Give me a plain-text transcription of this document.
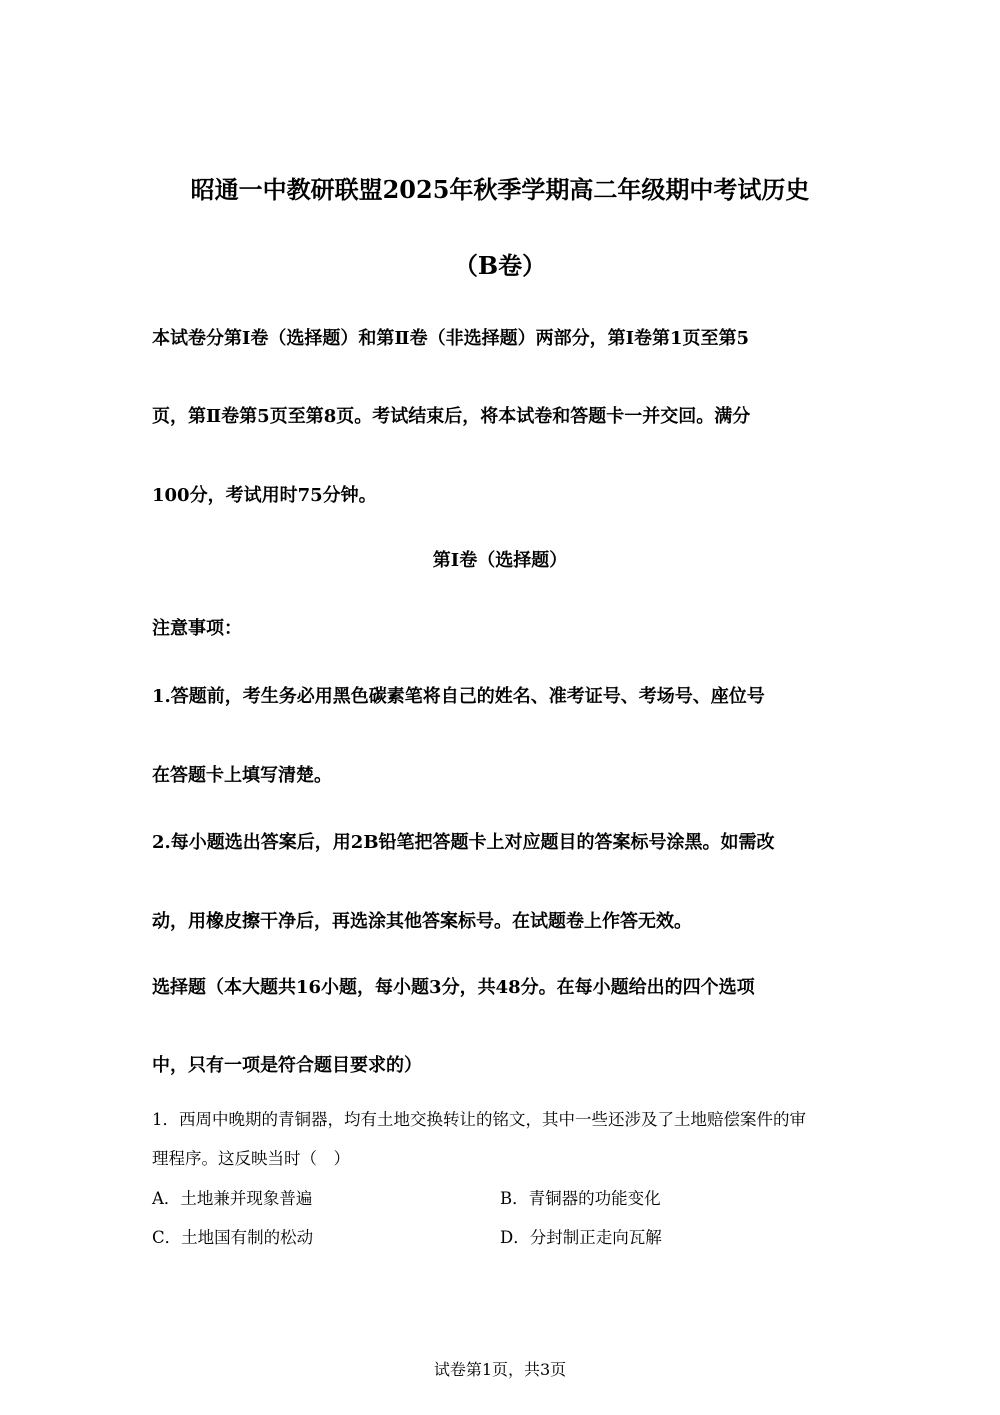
昭通一中教研联盟2025年秋季学期高二年级期中考试历史
（B卷）
本试卷分第Ⅰ卷（选择题）和第Ⅱ卷（非选择题）两部分，第Ⅰ卷第1页至第5
页，第Ⅱ卷第5页至第8页。考试结束后，将本试卷和答题卡一并交回。满分
100分，考试用时75分钟。
第Ⅰ卷（选择题）
注意事项：
1.答题前，考生务必用黑色碳素笔将自己的姓名、准考证号、考场号、座位号
在答题卡上填写清楚。
2.每小题选出答案后，用2B铅笔把答题卡上对应题目的答案标号涂黑。如需改
动，用橡皮擦干净后，再选涂其他答案标号。在试题卷上作答无效。
选择题（本大题共16小题，每小题3分，共48分。在每小题给出的四个选项
中，只有一项是符合题目要求的）
1．西周中晚期的青铜器，均有土地交换转让的铭文，其中一些还涉及了土地赔偿案件的审
理程序。这反映当时（　）
A．土地兼并现象普遍	B．青铜器的功能变化
C．土地国有制的松动	D．分封制正走向瓦解
试卷第1页，共3页
